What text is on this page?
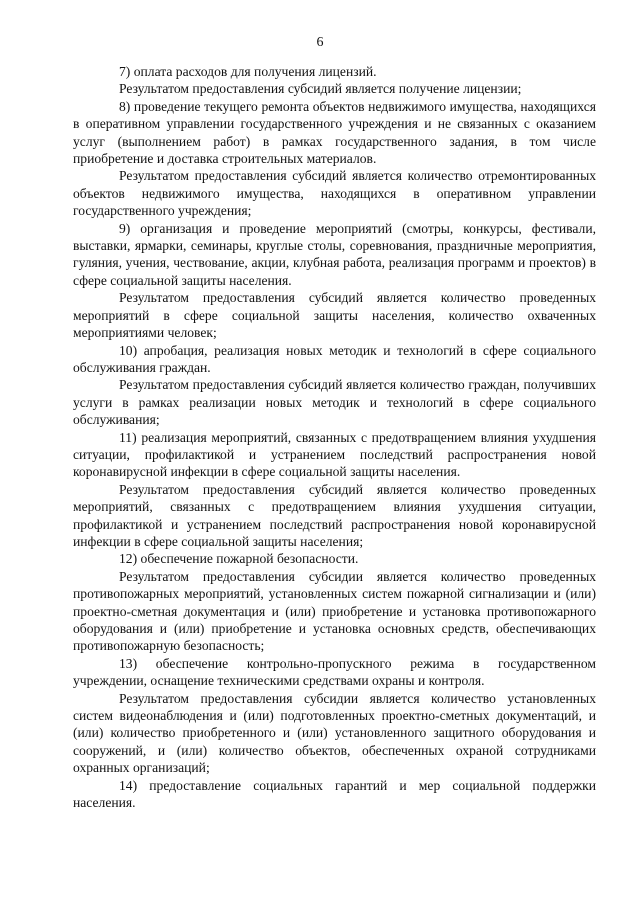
6

7) оплата расходов для получения лицензий.

Результатом предоставления субсидий является получение лицензии;

8) проведение текущего ремонта объектов недвижимого имущества, находящихся в оперативном управлении государственного учреждения и не связанных с оказанием услуг (выполнением работ) в рамках государственного задания, в том числе приобретение и доставка строительных материалов.

Результатом предоставления субсидий является количество отремонтированных объектов недвижимого имущества, находящихся в оперативном управлении государственного учреждения;

9) организация и проведение мероприятий (смотры, конкурсы, фестивали, выставки, ярмарки, семинары, круглые столы, соревнования, праздничные мероприятия, гуляния, учения, чествование, акции, клубная работа, реализация программ и проектов) в сфере социальной защиты населения.

Результатом предоставления субсидий является количество проведенных мероприятий в сфере социальной защиты населения, количество охваченных мероприятиями человек;

10) апробация, реализация новых методик и технологий в сфере социального обслуживания граждан.

Результатом предоставления субсидий является количество граждан, получивших услуги в рамках реализации новых методик и технологий в сфере социального обслуживания;

11) реализация мероприятий, связанных с предотвращением влияния ухудшения ситуации, профилактикой и устранением последствий распространения новой коронавирусной инфекции в сфере социальной защиты населения.

Результатом предоставления субсидий является количество проведенных мероприятий, связанных с предотвращением влияния ухудшения ситуации, профилактикой и устранением последствий распространения новой коронавирусной инфекции в сфере социальной защиты населения;

12) обеспечение пожарной безопасности.

Результатом предоставления субсидии является количество проведенных противопожарных мероприятий, установленных систем пожарной сигнализации и (или) проектно-сметная документация и (или) приобретение и установка противопожарного оборудования и (или) приобретение и установка основных средств, обеспечивающих противопожарную безопасность;

13) обеспечение контрольно-пропускного режима в государственном учреждении, оснащение техническими средствами охраны и контроля.

Результатом предоставления субсидии является количество установленных систем видеонаблюдения и (или) подготовленных проектно-сметных документаций, и (или) количество приобретенного и (или) установленного защитного оборудования и сооружений, и (или) количество объектов, обеспеченных охраной сотрудниками охранных организаций;

14) предоставление социальных гарантий и мер социальной поддержки населения.
